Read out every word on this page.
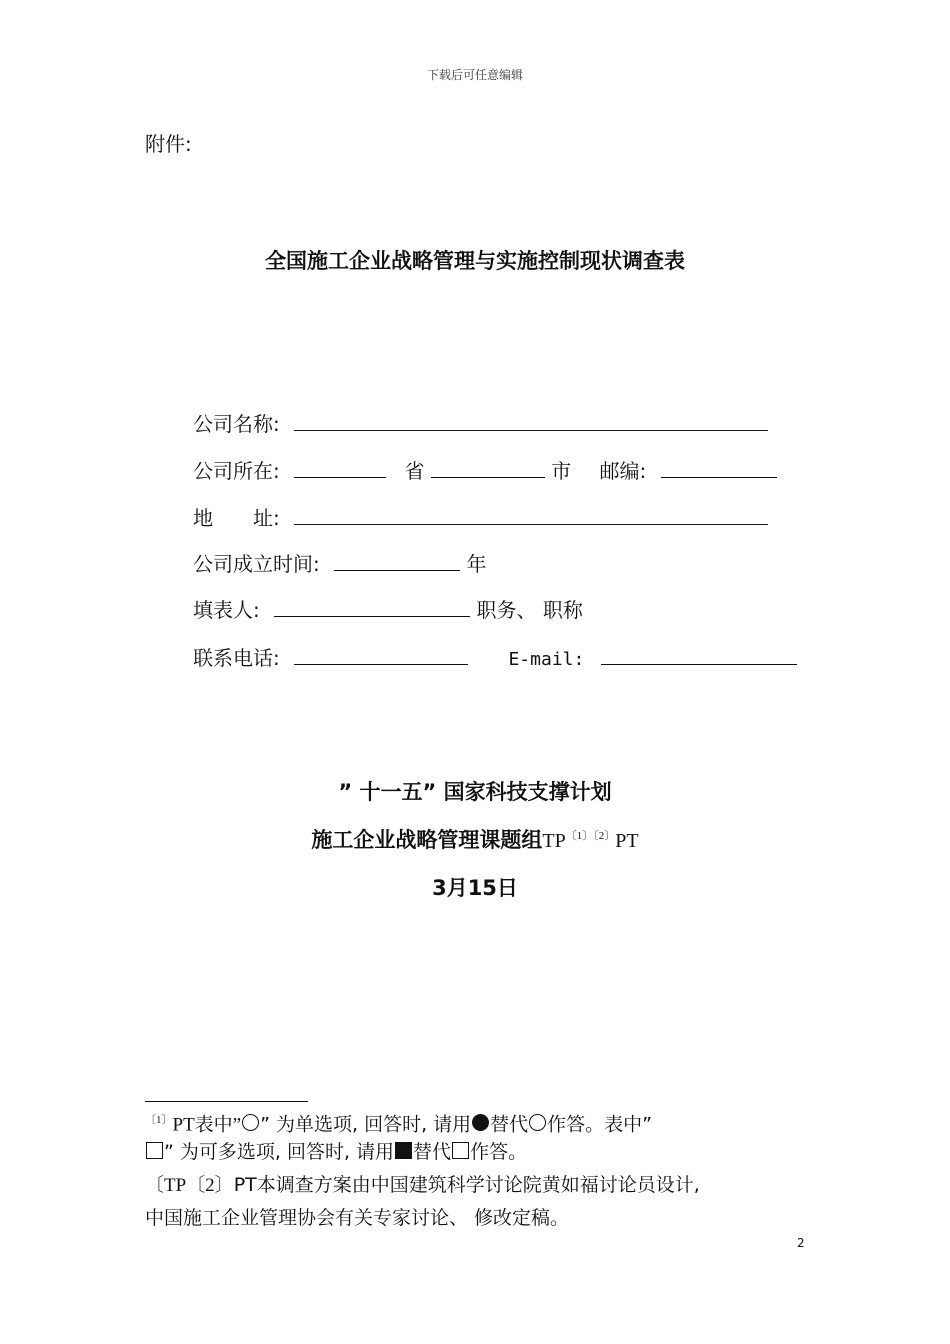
下载后可任意编辑
附件:
全国施工企业战略管理与实施控制现状调查表
公司名称:
公司所在:	省	市 邮编:
地　　址:
公司成立时间:	年
填表人:	职务、 职称
联系电话:	E-mail:
” 十一五” 国家科技支撑计划
施工企业战略管理课题组$TP^{〔1〕〔2〕}PT$
3月15日
$^{〔1〕}$PT表中” ” 为单选项, 回答时, 请用 替代 作答。表中”
” 为可多选项, 回答时, 请用 替代 作答。
〔TP〔2〕PT本调查方案由中国建筑科学讨论院黄如福讨论员设计,
中国施工企业管理协会有关专家讨论、 修改定稿。
2
